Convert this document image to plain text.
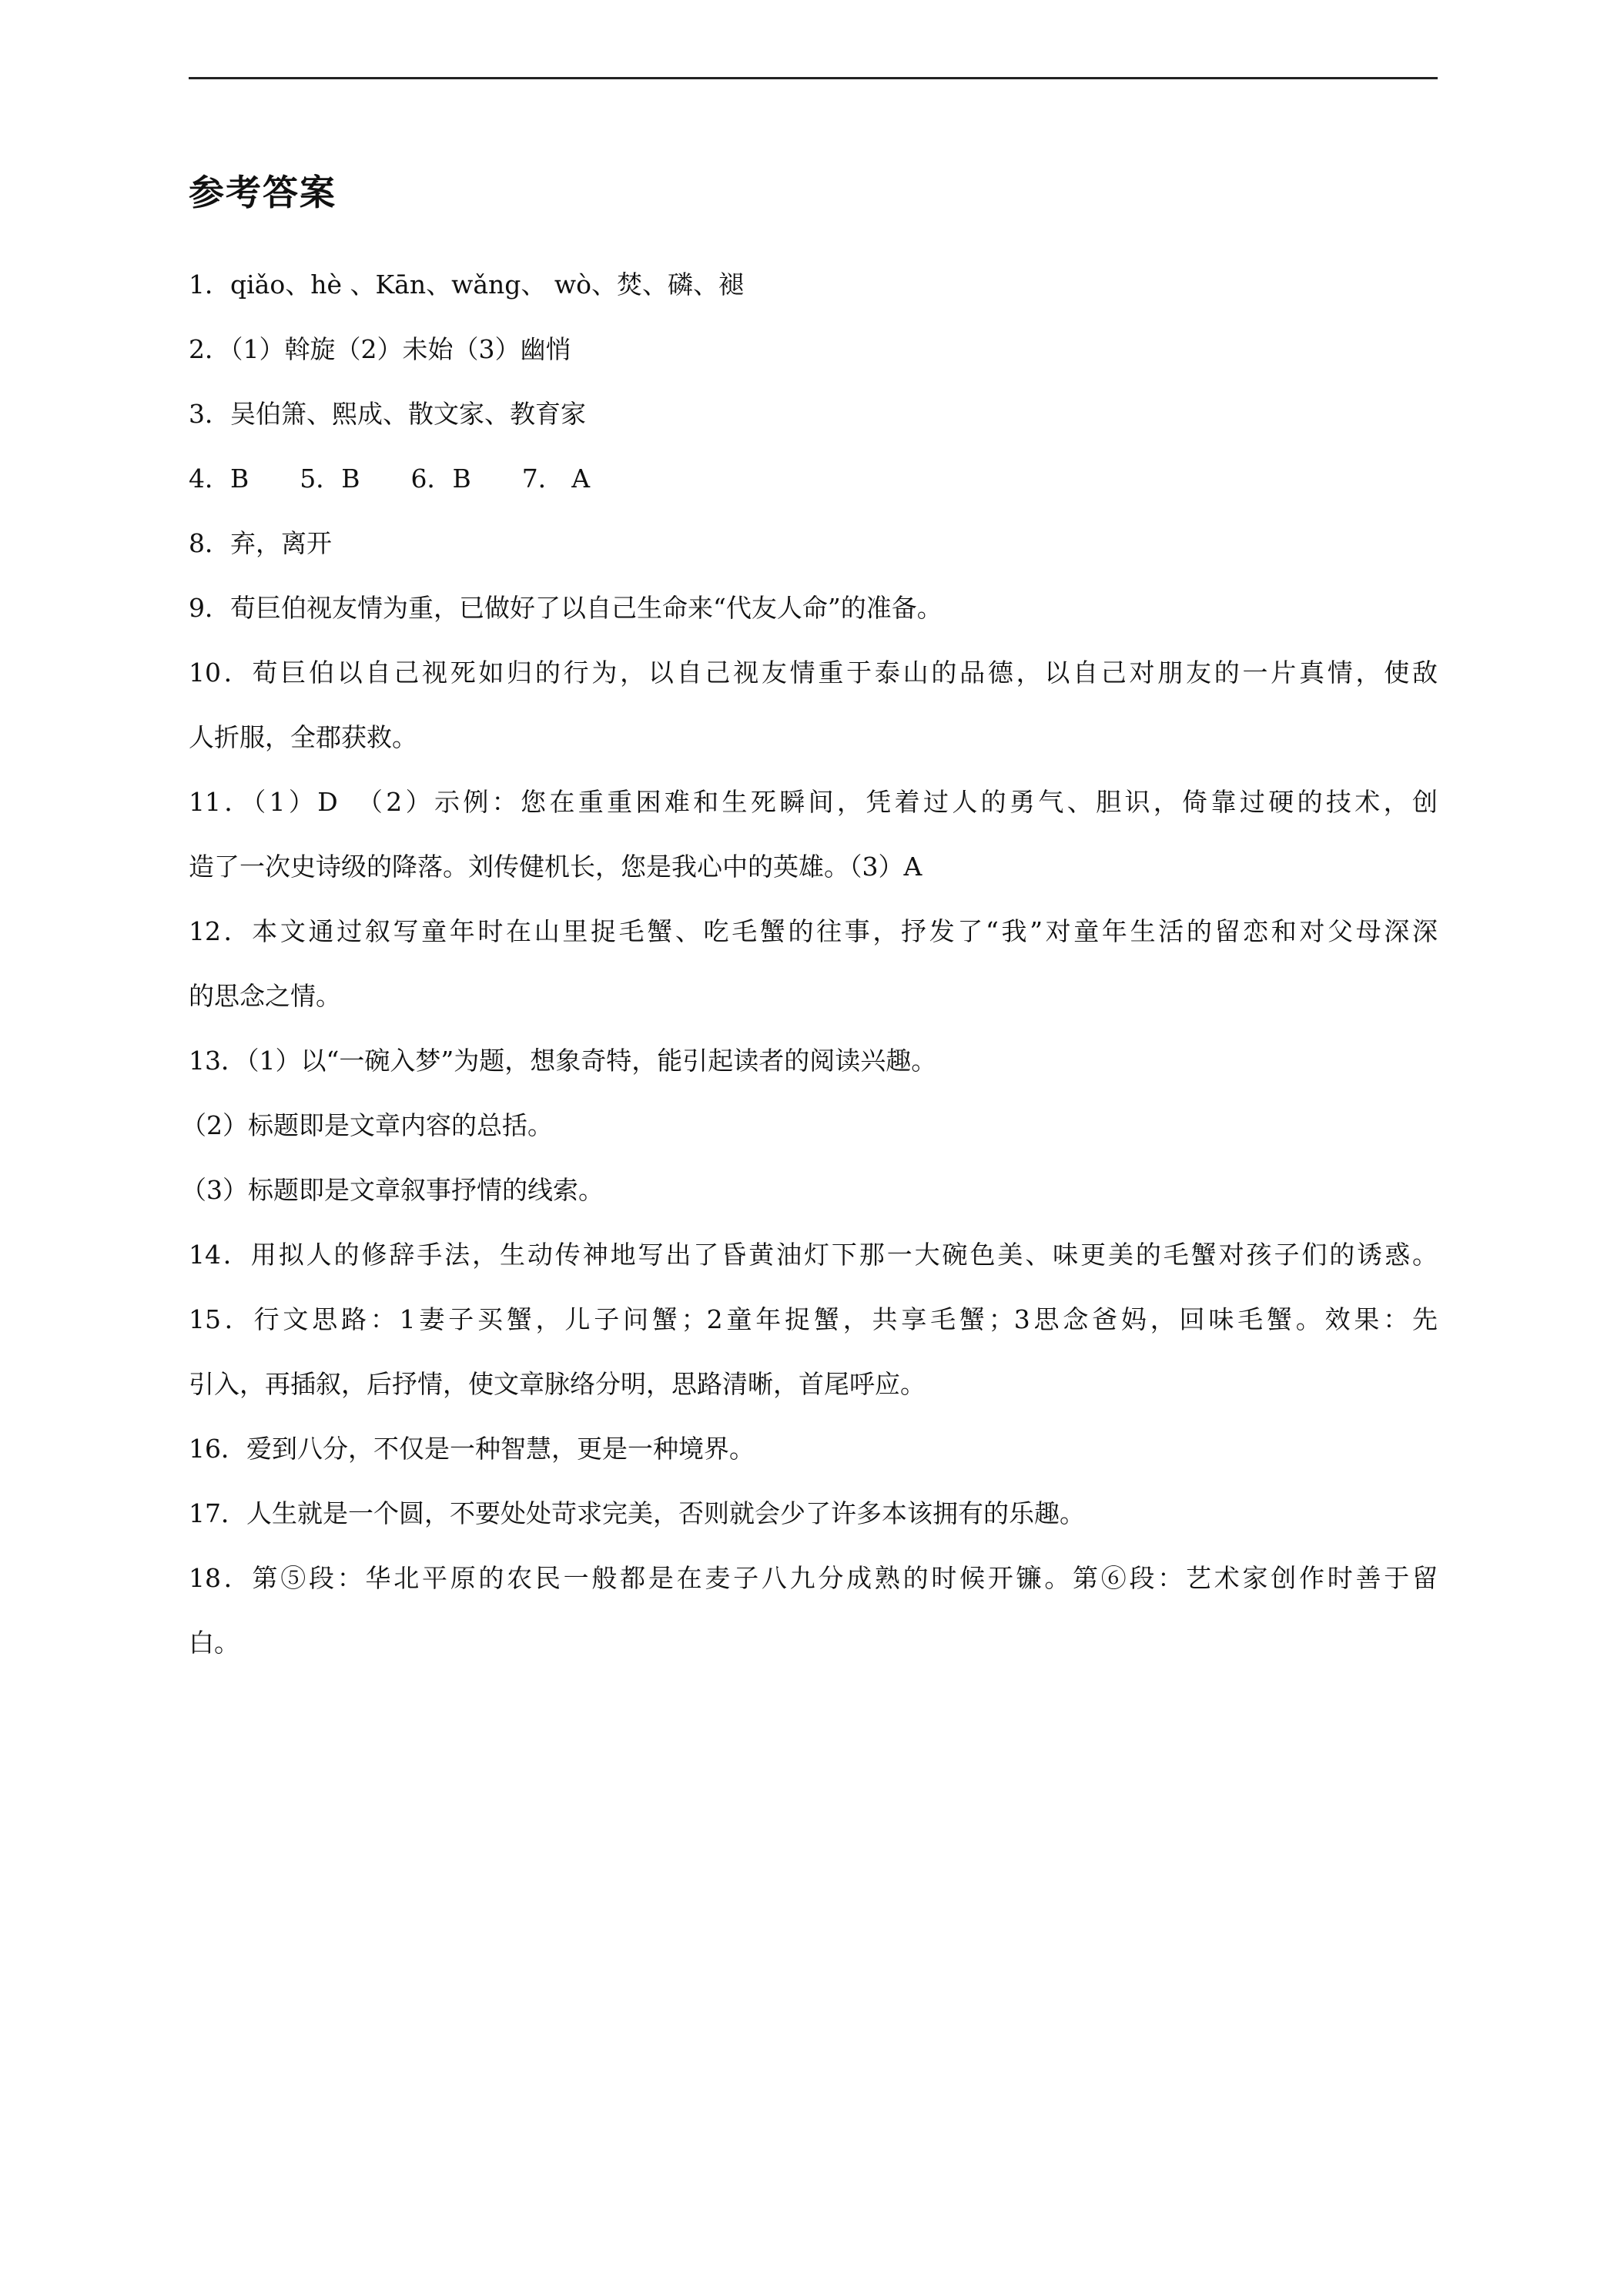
参考答案
1．qiǎo、hè 、Kān、wǎng、 wò、焚、磷、褪
2．（1）斡旋（2）未始（3）幽悄
3．吴伯箫、熙成、散文家、教育家
4．B　　5．B　　6．B　　7． A
8．弃，离开
9．荀巨伯视友情为重，已做好了以自己生命来“代友人命”的准备。
10．荀巨伯以自己视死如归的行为，以自己视友情重于泰山的品德，以自己对朋友的一片真情，使敌
人折服，全郡获救。
11．（1）D　（2）示例：您在重重困难和生死瞬间，凭着过人的勇气、胆识，倚靠过硬的技术，创
造了一次史诗级的降落。刘传健机长，您是我心中的英雄。（3）A
12．本文通过叙写童年时在山里捉毛蟹、吃毛蟹的往事，抒发了“我”对童年生活的留恋和对父母深深
的思念之情。
13．（1）以“一碗入梦”为题，想象奇特，能引起读者的阅读兴趣。
（2）标题即是文章内容的总括。
（3）标题即是文章叙事抒情的线索。
14．用拟人的修辞手法，生动传神地写出了昏黄油灯下那一大碗色美、味更美的毛蟹对孩子们的诱惑。
15．行文思路：1妻子买蟹，儿子问蟹；2童年捉蟹，共享毛蟹；3思念爸妈，回味毛蟹。效果：先
引入，再插叙，后抒情，使文章脉络分明，思路清晰，首尾呼应。
16．爱到八分，不仅是一种智慧，更是一种境界。
17．人生就是一个圆，不要处处苛求完美，否则就会少了许多本该拥有的乐趣。
18．第⑤段：华北平原的农民一般都是在麦子八九分成熟的时候开镰。第⑥段：艺术家创作时善于留
白。
